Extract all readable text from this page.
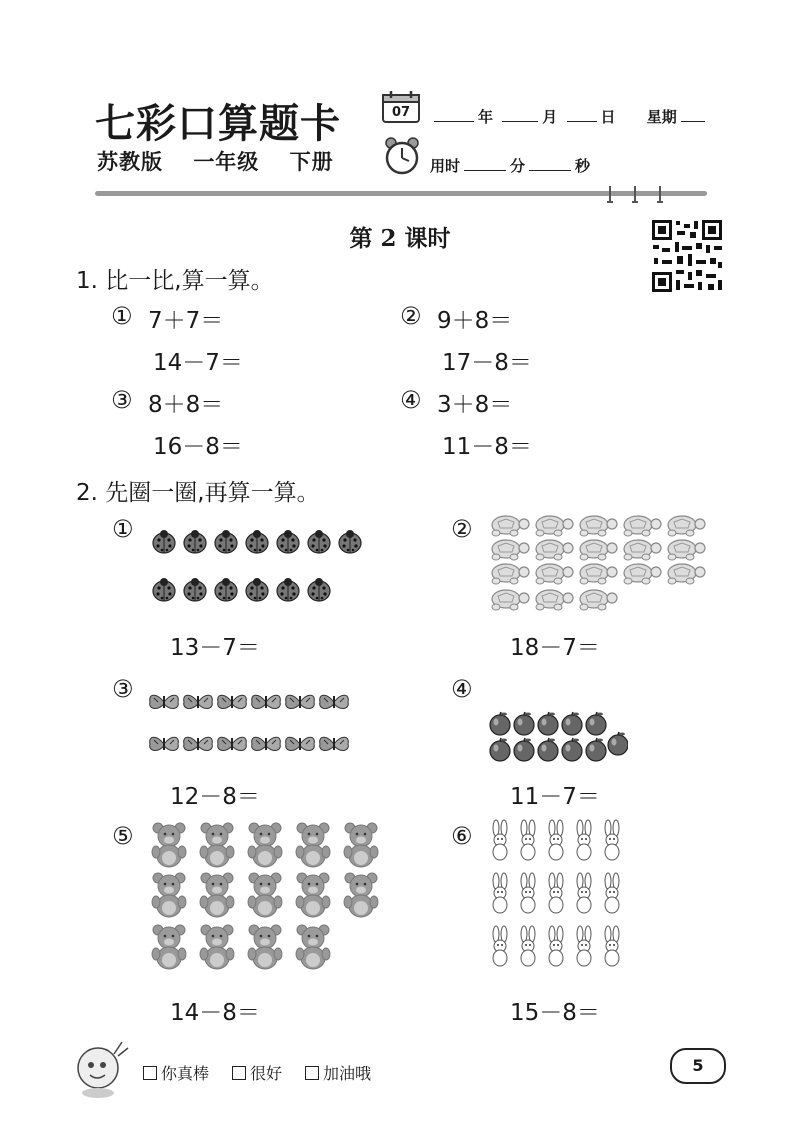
七彩口算题卡
苏教版 一年级 下册
07	年	月	日 星期
用时	分	秒
第 2 课时
1. 比一比,算一算。
① 7＋7＝
14－7＝
② 9＋8＝
17－8＝
③ 8＋8＝
16－8＝
④ 3＋8＝
11－8＝
2. 先圈一圈,再算一算。
①
13－7＝
②
18－7＝
③
12－8＝
④
11－7＝
⑤
14－8＝
⑥
15－8＝
你真棒	很好	加油哦	5
